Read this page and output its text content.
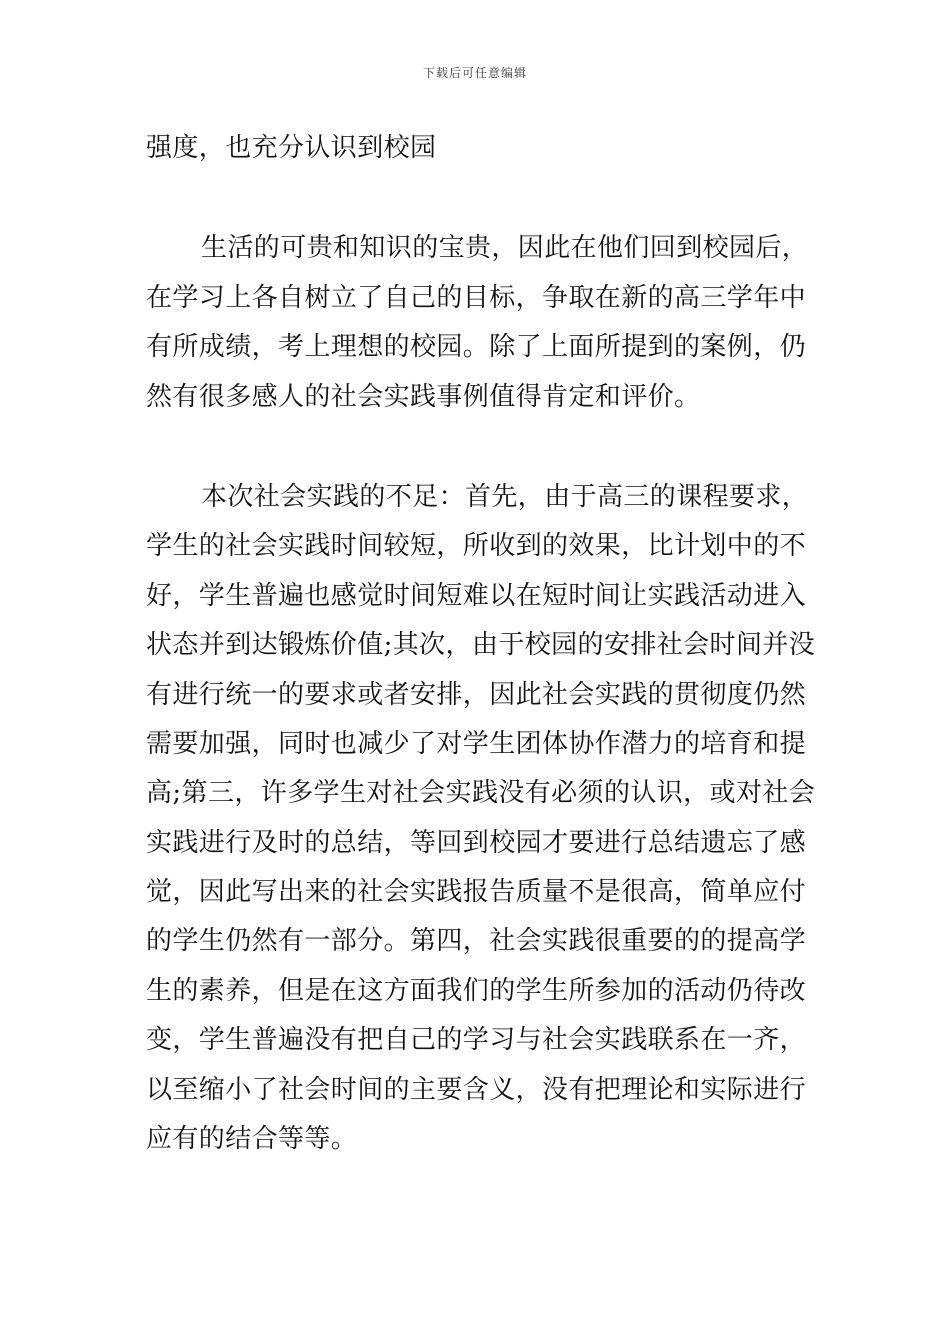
下载后可任意编辑
强度，也充分认识到校园
生活的可贵和知识的宝贵，因此在他们回到校园后，
在学习上各自树立了自己的目标，争取在新的高三学年中
有所成绩，考上理想的校园。除了上面所提到的案例，仍
然有很多感人的社会实践事例值得肯定和评价。
本次社会实践的不足：首先，由于高三的课程要求，
学生的社会实践时间较短，所收到的效果，比计划中的不
好，学生普遍也感觉时间短难以在短时间让实践活动进入
状态并到达锻炼价值;其次，由于校园的安排社会时间并没
有进行统一的要求或者安排，因此社会实践的贯彻度仍然
需要加强，同时也减少了对学生团体协作潜力的培育和提
高;第三，许多学生对社会实践没有必须的认识，或对社会
实践进行及时的总结，等回到校园才要进行总结遗忘了感
觉，因此写出来的社会实践报告质量不是很高，简单应付
的学生仍然有一部分。第四，社会实践很重要的的提高学
生的素养，但是在这方面我们的学生所参加的活动仍待改
变，学生普遍没有把自己的学习与社会实践联系在一齐，
以至缩小了社会时间的主要含义，没有把理论和实际进行
应有的结合等等。
